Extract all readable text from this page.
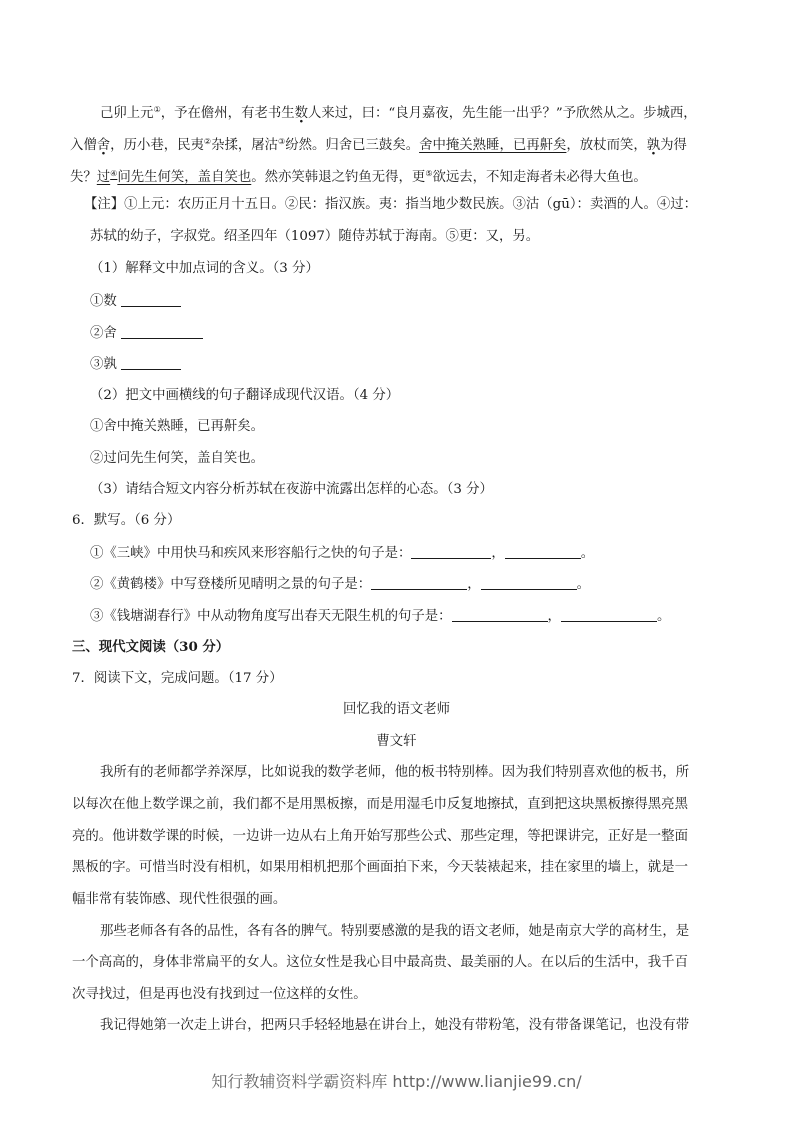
己卯上元①，予在儋州，有老书生数人来过，曰：“良月嘉夜，先生能一出乎？”予欣然从之。步城西，
入僧舍，历小巷，民夷②杂揉，屠沽③纷然。归舍已三鼓矣。舍中掩关熟睡，已再鼾矣，放杖而笑，孰为得
失？过④问先生何笑，盖自笑也。然亦笑韩退之钓鱼无得，更⑤欲远去，不知走海者未必得大鱼也。
【注】①上元：农历正月十五日。②民：指汉族。夷：指当地少数民族。③沽（gū）：卖酒的人。④过：
苏轼的幼子，字叔党。绍圣四年（1097）随侍苏轼于海南。⑤更：又，另。
（1）解释文中加点词的含义。（3 分）
①数
②舍
③孰
（2）把文中画横线的句子翻译成现代汉语。（4 分）
①舍中掩关熟睡，已再鼾矣。
②过问先生何笑，盖自笑也。
（3）请结合短文内容分析苏轼在夜游中流露出怎样的心态。（3 分）
6．默写。（6 分）
①《三峡》中用快马和疾风来形容船行之快的句子是：	，	。
②《黄鹤楼》中写登楼所见晴明之景的句子是：	，	。
③《钱塘湖春行》中从动物角度写出春天无限生机的句子是：	，	。
三、现代文阅读（30 分）
7．阅读下文，完成问题。（17 分）
回忆我的语文老师
曹文轩
我所有的老师都学养深厚，比如说我的数学老师，他的板书特别棒。因为我们特别喜欢他的板书，所
以每次在他上数学课之前，我们都不是用黑板擦，而是用湿毛巾反复地擦拭，直到把这块黑板擦得黑亮黑
亮的。他讲数学课的时候，一边讲一边从右上角开始写那些公式、那些定理，等把课讲完，正好是一整面
黑板的字。可惜当时没有相机，如果用相机把那个画面拍下来，今天装裱起来，挂在家里的墙上，就是一
幅非常有装饰感、现代性很强的画。
那些老师各有各的品性，各有各的脾气。特别要感激的是我的语文老师，她是南京大学的高材生，是
一个高高的，身体非常扁平的女人。这位女性是我心目中最高贵、最美丽的人。在以后的生活中，我千百
次寻找过，但是再也没有找到过一位这样的女性。
我记得她第一次走上讲台，把两只手轻轻地悬在讲台上，她没有带粉笔，没有带备课笔记，也没有带
知行教辅资料学霸资料库 http://www.lianjie99.cn/
